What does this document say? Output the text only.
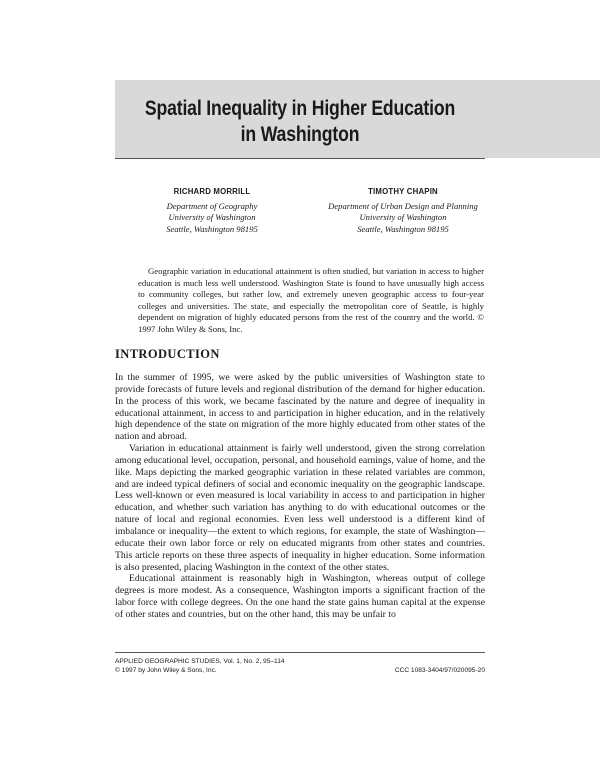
Spatial Inequality in Higher Education
in Washington
RICHARD MORRILL
Department of Geography
University of Washington
Seattle, Washington 98195
TIMOTHY CHAPIN
Department of Urban Design and Planning
University of Washington
Seattle, Washington 98195
Geographic variation in educational attainment is often studied, but variation in access to higher education is much less well understood. Washington State is found to have unusually high access to community colleges, but rather low, and extremely uneven geographic access to four-year colleges and universities. The state, and especially the metropolitan core of Seattle, is highly dependent on migration of highly educated persons from the rest of the country and the world. © 1997 John Wiley & Sons, Inc.
INTRODUCTION

In the summer of 1995, we were asked by the public universities of Washington state to provide forecasts of future levels and regional distribution of the demand for higher education. In the process of this work, we became fascinated by the nature and degree of inequality in educational attainment, in access to and participation in higher education, and in the relatively high dependence of the state on migration of the more highly educated from other states of the nation and abroad.

Variation in educational attainment is fairly well understood, given the strong correlation among educational level, occupation, personal, and household earnings, value of home, and the like. Maps depicting the marked geographic variation in these related variables are common, and are indeed typical definers of social and economic inequality on the geographic landscape. Less well-known or even measured is local variability in access to and participation in higher education, and whether such variation has anything to do with educational outcomes or the nature of local and regional economies. Even less well understood is a different kind of imbalance or inequality—the extent to which regions, for example, the state of Washington—educate their own labor force or rely on educated migrants from other states and countries. This article reports on these three aspects of inequality in higher education. Some information is also presented, placing Washington in the context of the other states.

Educational attainment is reasonably high in Washington, whereas output of college degrees is more modest. As a consequence, Washington imports a significant fraction of the labor force with college degrees. On the one hand the state gains human capital at the expense of other states and countries, but on the other hand, this may be unfair to

APPLIED GEOGRAPHIC STUDIES, Vol. 1, No. 2, 95–114
© 1997 by John Wiley & Sons, Inc.	CCC 1083-3404/97/020095-20
